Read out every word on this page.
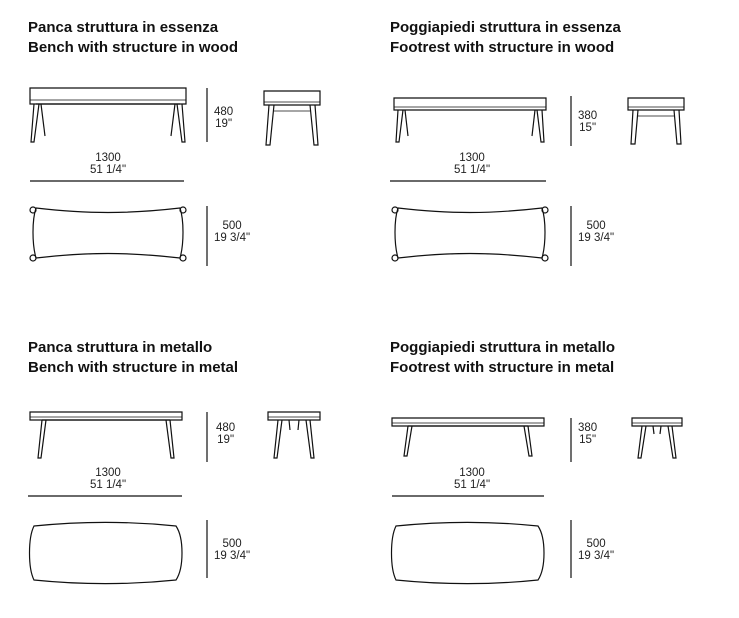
Panca struttura in essenza
Bench with structure in wood
480
19"
1300
51 1/4"
500
19 3/4"
Poggiapiedi struttura in essenza
Footrest with structure in wood
380
15"
1300
51 1/4"
500
19 3/4"
Panca struttura in metallo
Bench with structure in metal
480
19"
1300
51 1/4"
500
19 3/4"
Poggiapiedi struttura in metallo
Footrest with structure in metal
380
15"
1300
51 1/4"
500
19 3/4"
